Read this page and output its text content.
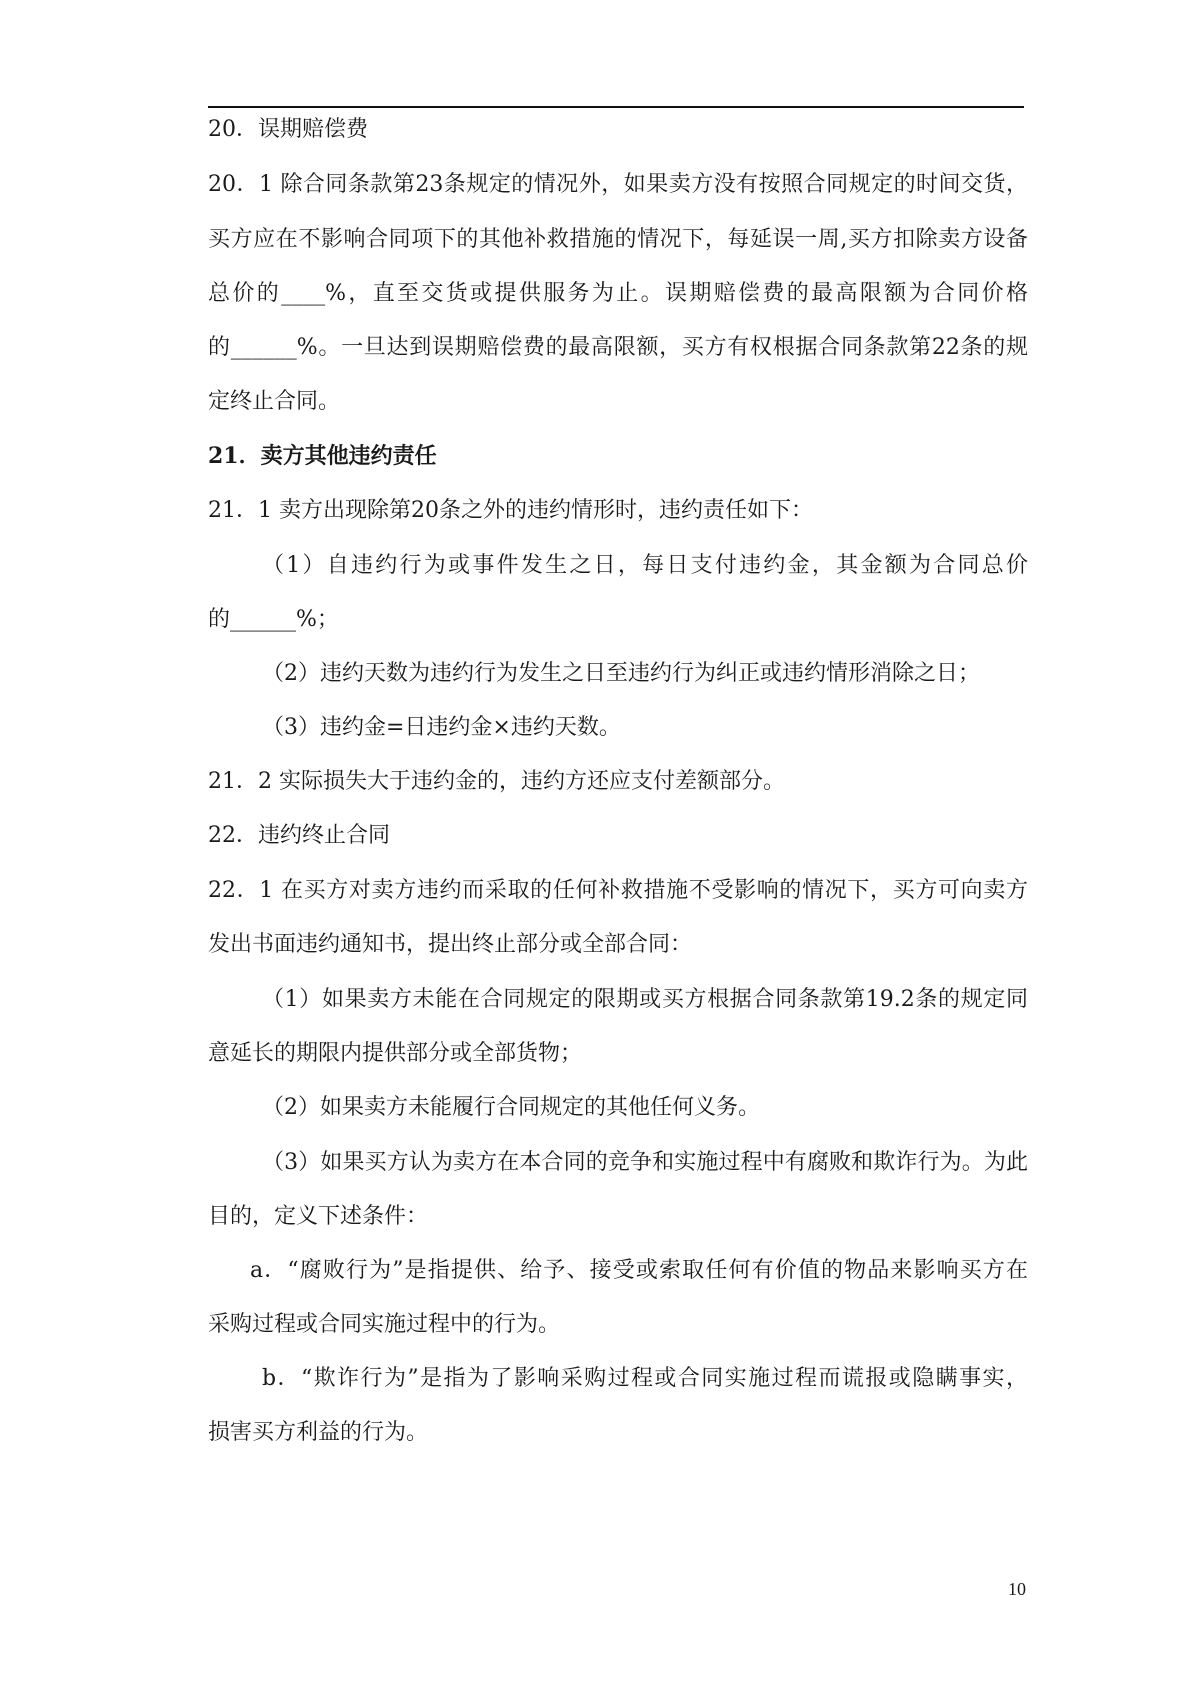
20．误期赔偿费
20．1 除合同条款第23条规定的情况外，如果卖方没有按照合同规定的时间交货，
买方应在不影响合同项下的其他补救措施的情况下，每延误一周,买方扣除卖方设备
总价的____%，直至交货或提供服务为止。误期赔偿费的最高限额为合同价格
的______%。一旦达到误期赔偿费的最高限额，买方有权根据合同条款第22条的规
定终止合同。
21．卖方其他违约责任
21．1 卖方出现除第20条之外的违约情形时，违约责任如下：
（1）自违约行为或事件发生之日，每日支付违约金，其金额为合同总价
的______%；
（2）违约天数为违约行为发生之日至违约行为纠正或违约情形消除之日；
（3）违约金=日违约金×违约天数。
21．2 实际损失大于违约金的，违约方还应支付差额部分。
22．违约终止合同
22．1 在买方对卖方违约而采取的任何补救措施不受影响的情况下，买方可向卖方
发出书面违约通知书，提出终止部分或全部合同：
（1）如果卖方未能在合同规定的限期或买方根据合同条款第19.2条的规定同
意延长的期限内提供部分或全部货物；
（2）如果卖方未能履行合同规定的其他任何义务。
（3）如果买方认为卖方在本合同的竞争和实施过程中有腐败和欺诈行为。为此
目的，定义下述条件：
a．“腐败行为”是指提供、给予、接受或索取任何有价值的物品来影响买方在
采购过程或合同实施过程中的行为。
b．“欺诈行为”是指为了影响采购过程或合同实施过程而谎报或隐瞒事实，
损害买方利益的行为。
10
